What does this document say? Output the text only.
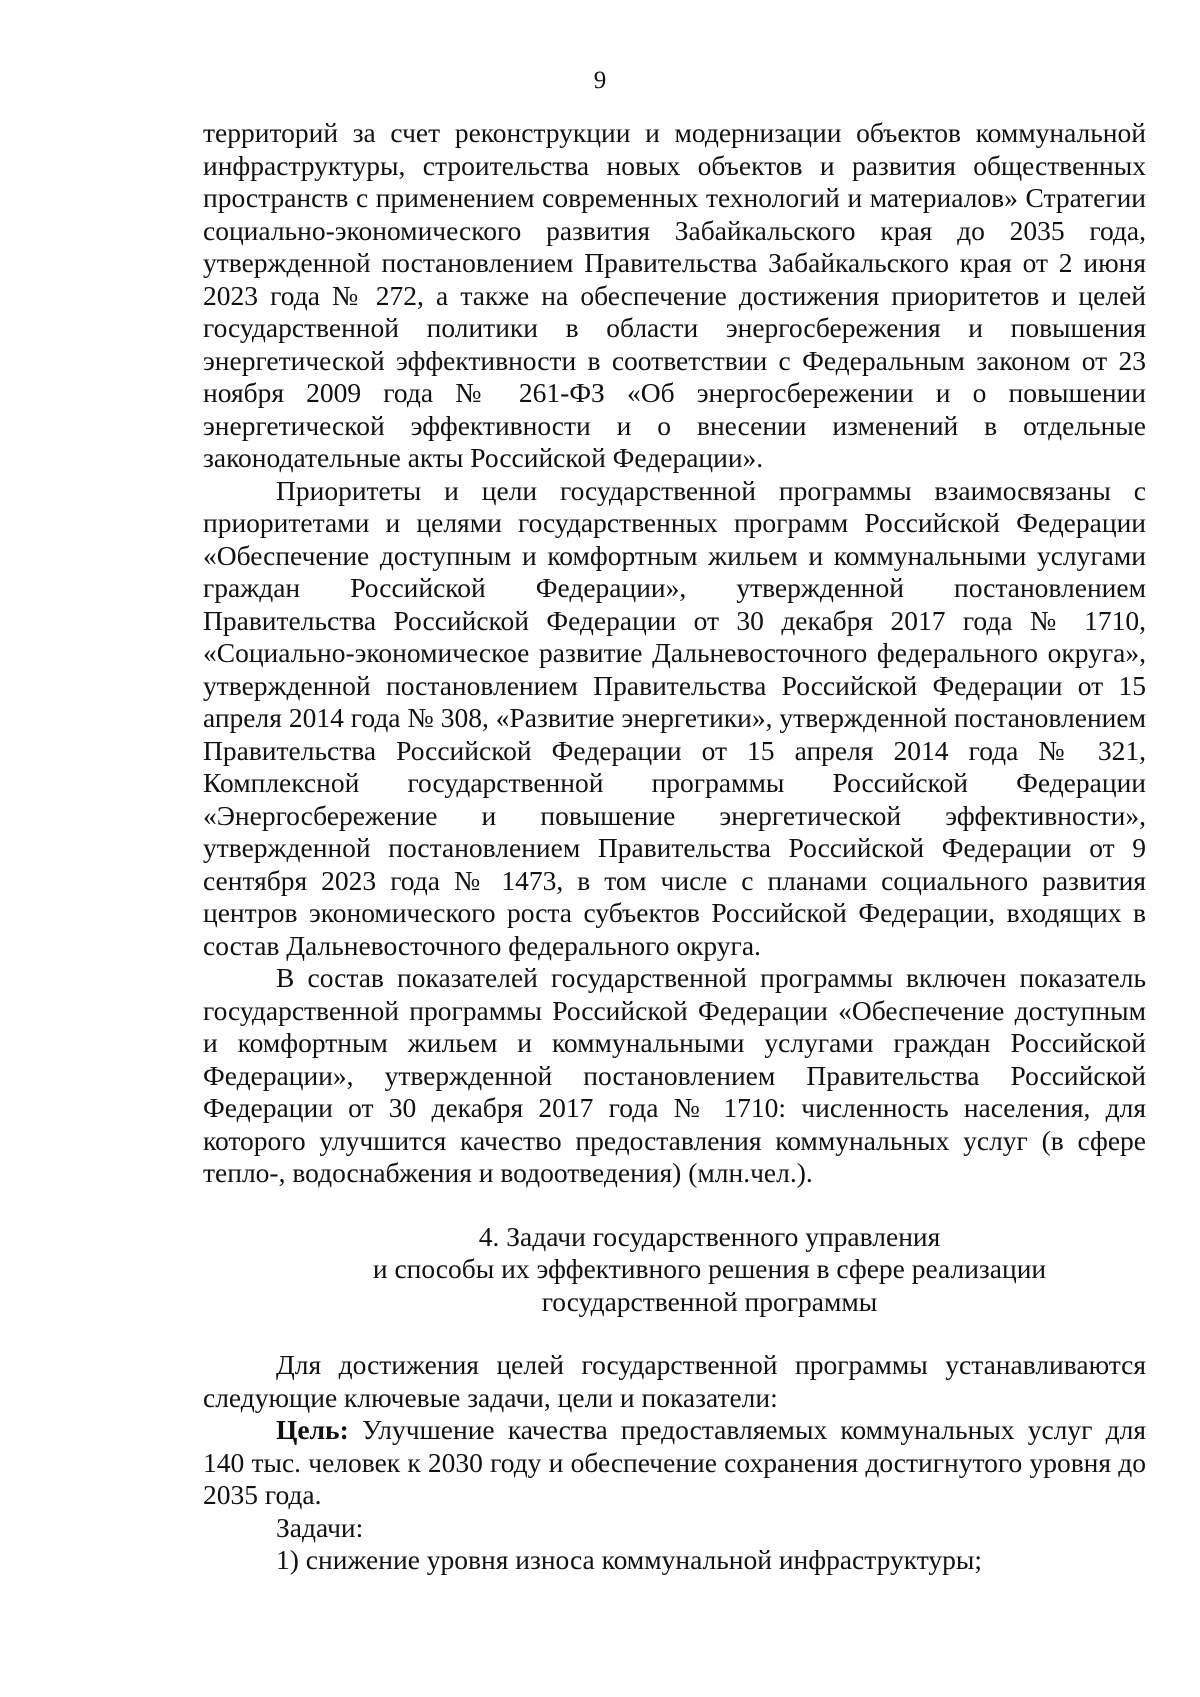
9

территорий за счет реконструкции и модернизации объектов коммунальной инфраструктуры, строительства новых объектов и развития общественных пространств с применением современных технологий и материалов» Стратегии социально-экономического развития Забайкальского края до 2035 года, утвержденной постановлением Правительства Забайкальского края от 2 июня 2023 года № 272, а также на обеспечение достижения приоритетов и целей государственной политики в области энергосбережения и повышения энергетической эффективности в соответствии с Федеральным законом от 23 ноября 2009 года № 261-ФЗ «Об энергосбережении и о повышении энергетической эффективности и о внесении изменений в отдельные законодательные акты Российской Федерации».

Приоритеты и цели государственной программы взаимосвязаны с приоритетами и целями государственных программ Российской Федерации «Обеспечение доступным и комфортным жильем и коммунальными услугами граждан Российской Федерации», утвержденной постановлением Правительства Российской Федерации от 30 декабря 2017 года № 1710, «Социально-экономическое развитие Дальневосточного федерального округа», утвержденной постановлением Правительства Российской Федерации от 15 апреля 2014 года № 308, «Развитие энергетики», утвержденной постановлением Правительства Российской Федерации от 15 апреля 2014 года № 321, Комплексной государственной программы Российской Федерации «Энергосбережение и повышение энергетической эффективности», утвержденной постановлением Правительства Российской Федерации от 9 сентября 2023 года № 1473, в том числе с планами социального развития центров экономического роста субъектов Российской Федерации, входящих в состав Дальневосточного федерального округа.

В состав показателей государственной программы включен показатель государственной программы Российской Федерации «Обеспечение доступным и комфортным жильем и коммунальными услугами граждан Российской Федерации», утвержденной постановлением Правительства Российской Федерации от 30 декабря 2017 года № 1710: численность населения, для которого улучшится качество предоставления коммунальных услуг (в сфере тепло-, водоснабжения и водоотведения) (млн.чел.).

4. Задачи государственного управления
и способы их эффективного решения в сфере реализации
государственной программы

Для достижения целей государственной программы устанавливаются следующие ключевые задачи, цели и показатели:

Цель: Улучшение качества предоставляемых коммунальных услуг для 140 тыс. человек к 2030 году и обеспечение сохранения достигнутого уровня до 2035 года.

Задачи:

1) снижение уровня износа коммунальной инфраструктуры;
